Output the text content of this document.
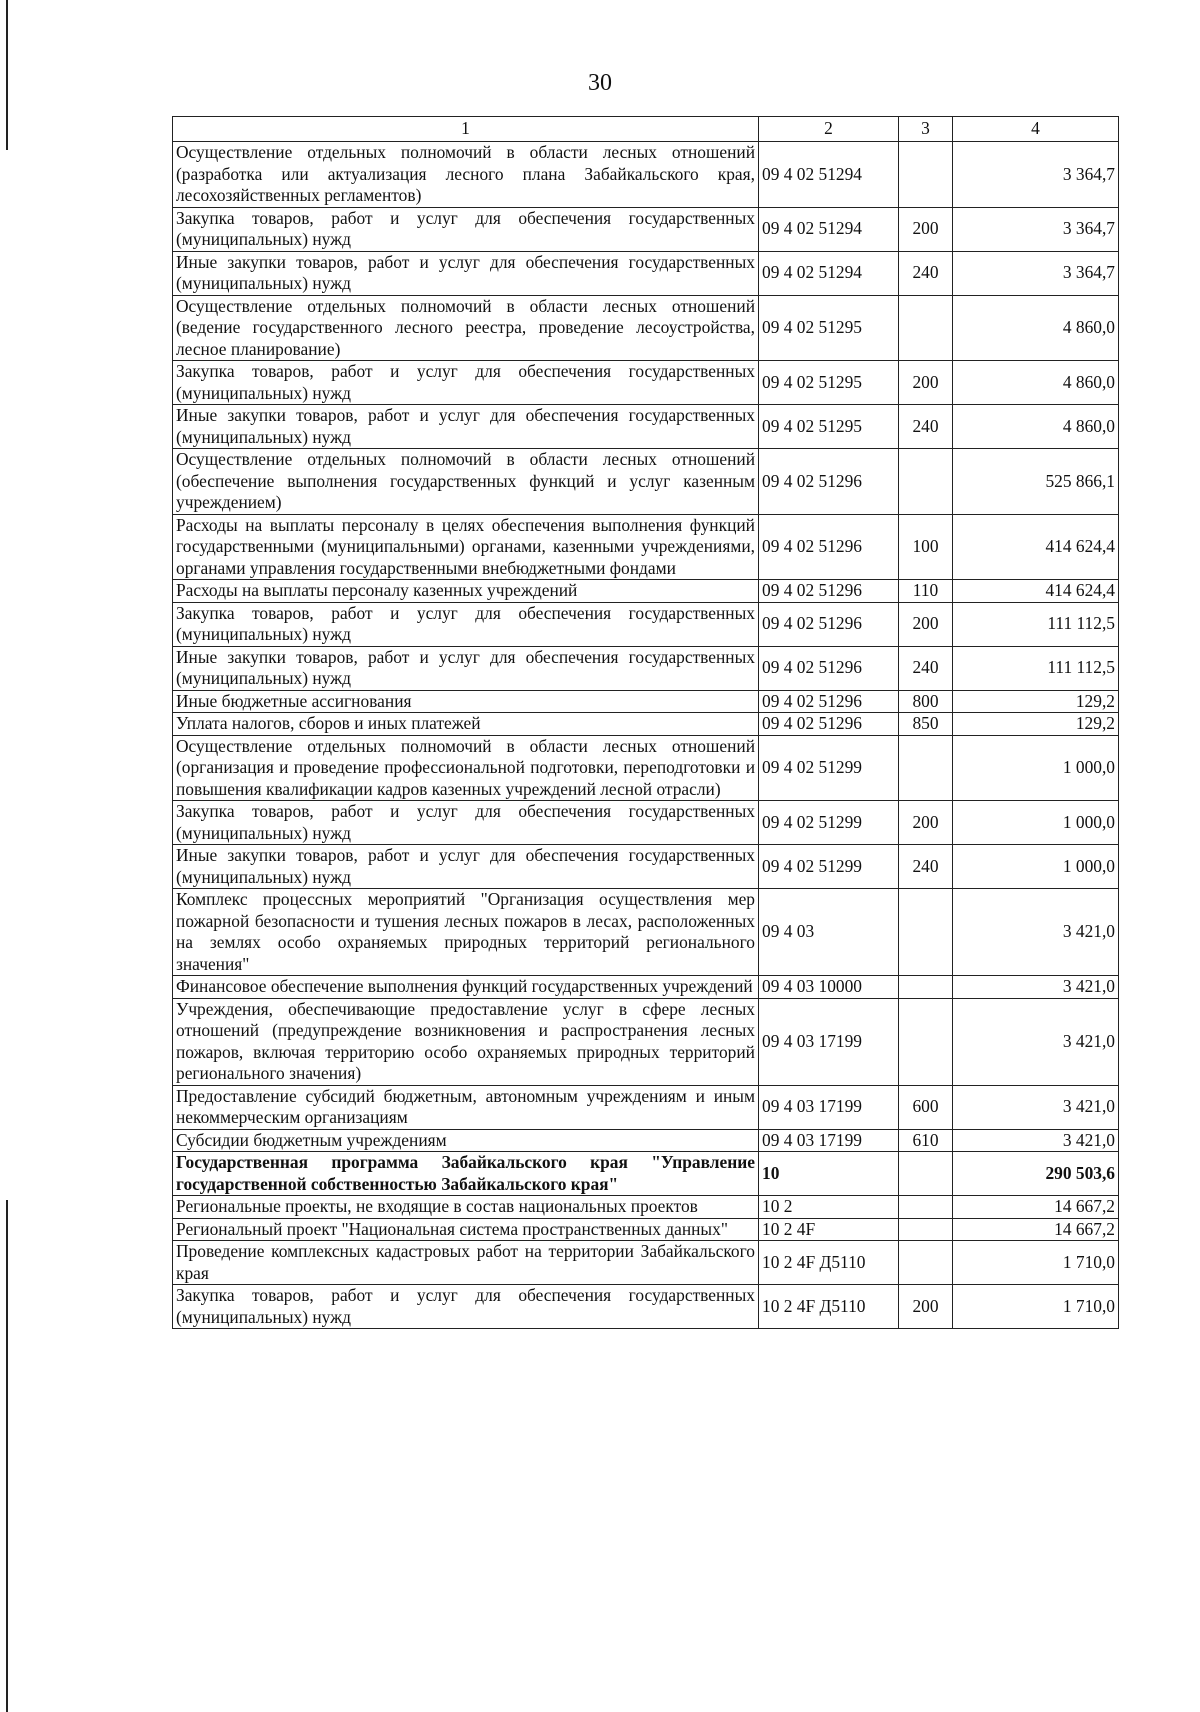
30
1	2	3	4
Осуществление отдельных полномочий в области лесных отношений (разработка или актуализация лесного плана Забайкальского края, лесохозяйственных регламентов)	09 4 02 51294		3 364,7
Закупка товаров, работ и услуг для обеспечения государственных (муниципальных) нужд	09 4 02 51294	200	3 364,7
Иные закупки товаров, работ и услуг для обеспечения государственных (муниципальных) нужд	09 4 02 51294	240	3 364,7
Осуществление отдельных полномочий в области лесных отношений (ведение государственного лесного реестра, проведение лесоустройства, лесное планирование)	09 4 02 51295		4 860,0
Закупка товаров, работ и услуг для обеспечения государственных (муниципальных) нужд	09 4 02 51295	200	4 860,0
Иные закупки товаров, работ и услуг для обеспечения государственных (муниципальных) нужд	09 4 02 51295	240	4 860,0
Осуществление отдельных полномочий в области лесных отношений (обеспечение выполнения государственных функций и услуг казенным учреждением)	09 4 02 51296		525 866,1
Расходы на выплаты персоналу в целях обеспечения выполнения функций государственными (муниципальными) органами, казенными учреждениями, органами управления государственными внебюджетными фондами	09 4 02 51296	100	414 624,4
Расходы на выплаты персоналу казенных учреждений	09 4 02 51296	110	414 624,4
Закупка товаров, работ и услуг для обеспечения государственных (муниципальных) нужд	09 4 02 51296	200	111 112,5
Иные закупки товаров, работ и услуг для обеспечения государственных (муниципальных) нужд	09 4 02 51296	240	111 112,5
Иные бюджетные ассигнования	09 4 02 51296	800	129,2
Уплата налогов, сборов и иных платежей	09 4 02 51296	850	129,2
Осуществление отдельных полномочий в области лесных отношений (организация и проведение профессиональной подготовки, переподготовки и повышения квалификации кадров казенных учреждений лесной отрасли)	09 4 02 51299		1 000,0
Закупка товаров, работ и услуг для обеспечения государственных (муниципальных) нужд	09 4 02 51299	200	1 000,0
Иные закупки товаров, работ и услуг для обеспечения государственных (муниципальных) нужд	09 4 02 51299	240	1 000,0
Комплекс процессных мероприятий "Организация осуществления мер пожарной безопасности и тушения лесных пожаров в лесах, расположенных на землях особо охраняемых природных территорий регионального значения"	09 4 03		3 421,0
Финансовое обеспечение выполнения функций государственных учреждений	09 4 03 10000		3 421,0
Учреждения, обеспечивающие предоставление услуг в сфере лесных отношений (предупреждение возникновения и распространения лесных пожаров, включая территорию особо охраняемых природных территорий регионального значения)	09 4 03 17199		3 421,0
Предоставление субсидий бюджетным, автономным учреждениям и иным некоммерческим организациям	09 4 03 17199	600	3 421,0
Субсидии бюджетным учреждениям	09 4 03 17199	610	3 421,0
Государственная программа Забайкальского края "Управление государственной собственностью Забайкальского края"	10		290 503,6
Региональные проекты, не входящие в состав национальных проектов	10 2		14 667,2
Региональный проект "Национальная система пространственных данных"	10 2 4F		14 667,2
Проведение комплексных кадастровых работ на территории Забайкальского края	10 2 4F Д5110		1 710,0
Закупка товаров, работ и услуг для обеспечения государственных (муниципальных) нужд	10 2 4F Д5110	200	1 710,0
